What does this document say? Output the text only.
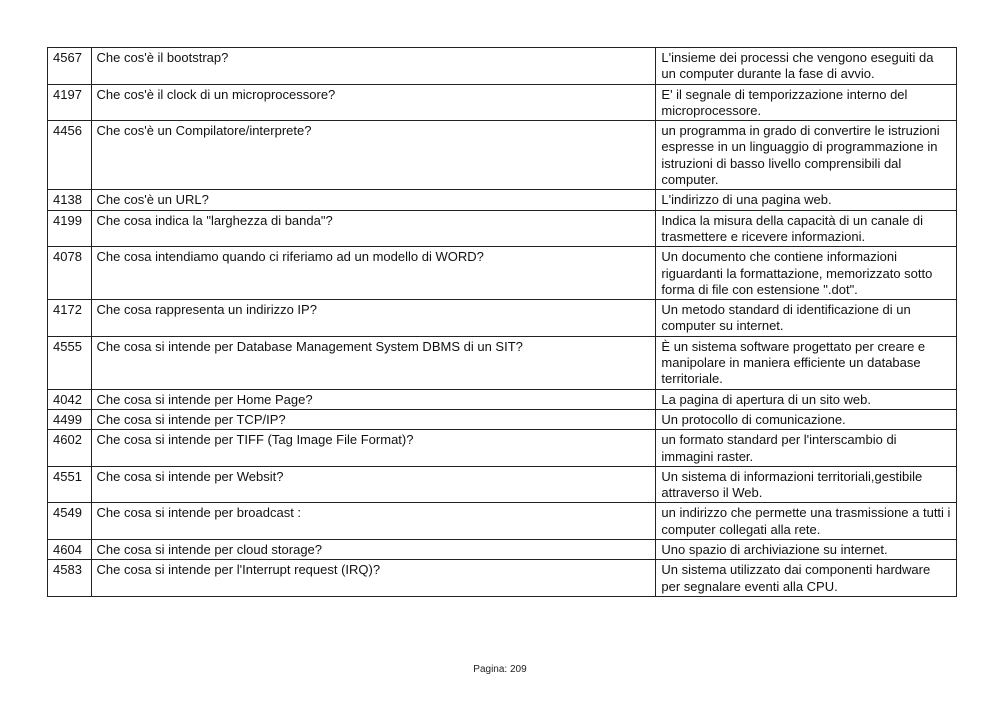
4567	Che cos'è il bootstrap?	L'insieme dei processi che vengono eseguiti da un computer durante la fase di avvio.
4197	Che cos'è il clock di un microprocessore?	E' il segnale di temporizzazione interno del microprocessore.
4456	Che cos'è un Compilatore/interprete?	un programma in grado di convertire le istruzioni espresse in un linguaggio di programmazione in istruzioni di basso livello comprensibili dal computer.
4138	Che cos'è un URL?	L'indirizzo di una pagina web.
4199	Che cosa indica la "larghezza di banda"?	Indica la misura della capacità di un canale di trasmettere e ricevere informazioni.
4078	Che cosa intendiamo quando ci riferiamo ad un modello di WORD?	Un documento che contiene informazioni riguardanti la formattazione, memorizzato sotto forma di file con estensione ".dot".
4172	Che cosa rappresenta un indirizzo IP?	Un metodo standard di identificazione di un computer su internet.
4555	Che cosa si intende per Database Management System DBMS di un SIT?	È un sistema software progettato per creare e manipolare in maniera efficiente un database territoriale.
4042	Che cosa si intende per Home Page?	La pagina di apertura di un sito web.
4499	Che cosa si intende per TCP/IP?	Un protocollo di comunicazione.
4602	Che cosa si intende per TIFF (Tag Image File Format)?	un formato standard per l'interscambio di immagini raster.
4551	Che cosa si intende per Websit?	Un sistema di informazioni territoriali,gestibile attraverso il Web.
4549	Che cosa si intende per broadcast :	un indirizzo che permette una trasmissione a tutti i computer collegati alla rete.
4604	Che cosa si intende per cloud storage?	Uno spazio di archiviazione su internet.
4583	Che cosa si intende per l'Interrupt request (IRQ)?	Un sistema utilizzato dai componenti hardware per segnalare eventi alla CPU.
Pagina: 209
